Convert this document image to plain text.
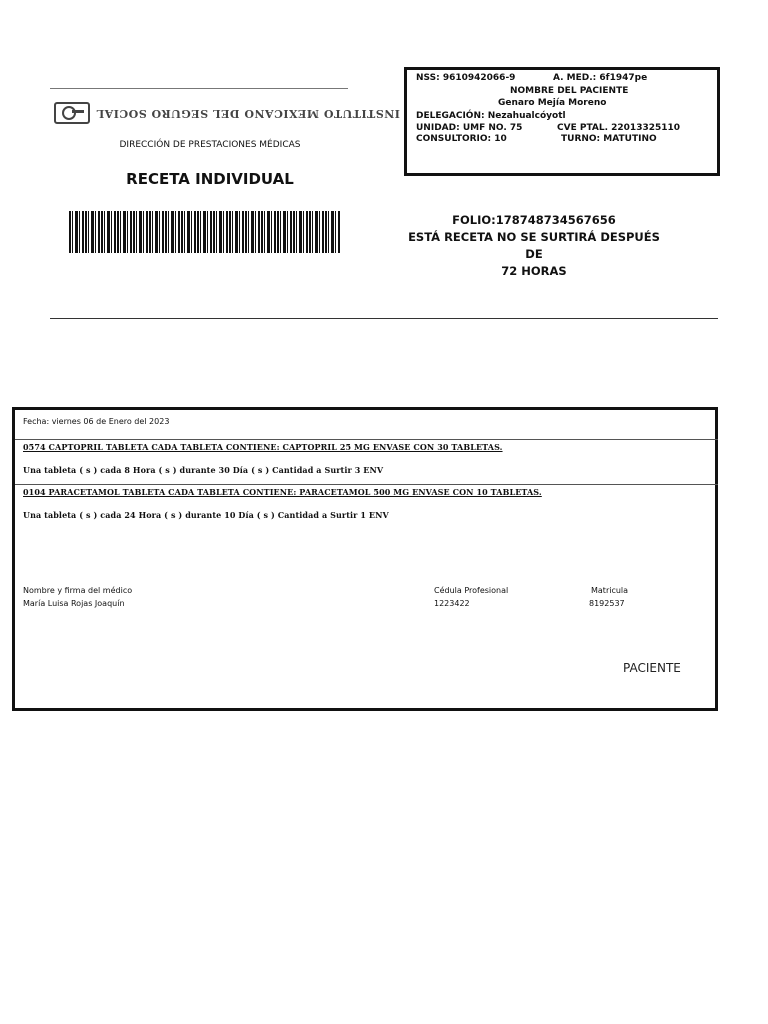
INSTITUTO MEXICANO DEL SEGURO SOCIAL
DIRECCIÓN DE PRESTACIONES MÉDICAS
RECETA INDIVIDUAL
NSS: 9610942066-9	A. MED.: 6f1947pe
NOMBRE DEL PACIENTE
Genaro Mejía Moreno
DELEGACIÓN: Nezahualcóyotl
UNIDAD: UMF NO. 75	CVE PTAL. 22013325110
CONSULTORIO: 10	TURNO: MATUTINO
FOLIO:178748734567656
ESTÁ RECETA NO SE SURTIRÁ DESPUÉS DE
72 HORAS
Fecha: viernes 06 de Enero del 2023
0574 CAPTOPRIL TABLETA CADA TABLETA CONTIENE: CAPTOPRIL 25 MG ENVASE CON 30 TABLETAS.
Una tableta ( s ) cada 8 Hora ( s ) durante 30 Día ( s ) Cantidad a Surtir 3 ENV
0104 PARACETAMOL TABLETA CADA TABLETA CONTIENE: PARACETAMOL 500 MG ENVASE CON 10 TABLETAS.
Una tableta ( s ) cada 24 Hora ( s ) durante 10 Día ( s ) Cantidad a Surtir 1 ENV
Nombre y firma del médico
María Luisa Rojas Joaquín
Cédula Profesional
1223422
Matricula
8192537
PACIENTE
